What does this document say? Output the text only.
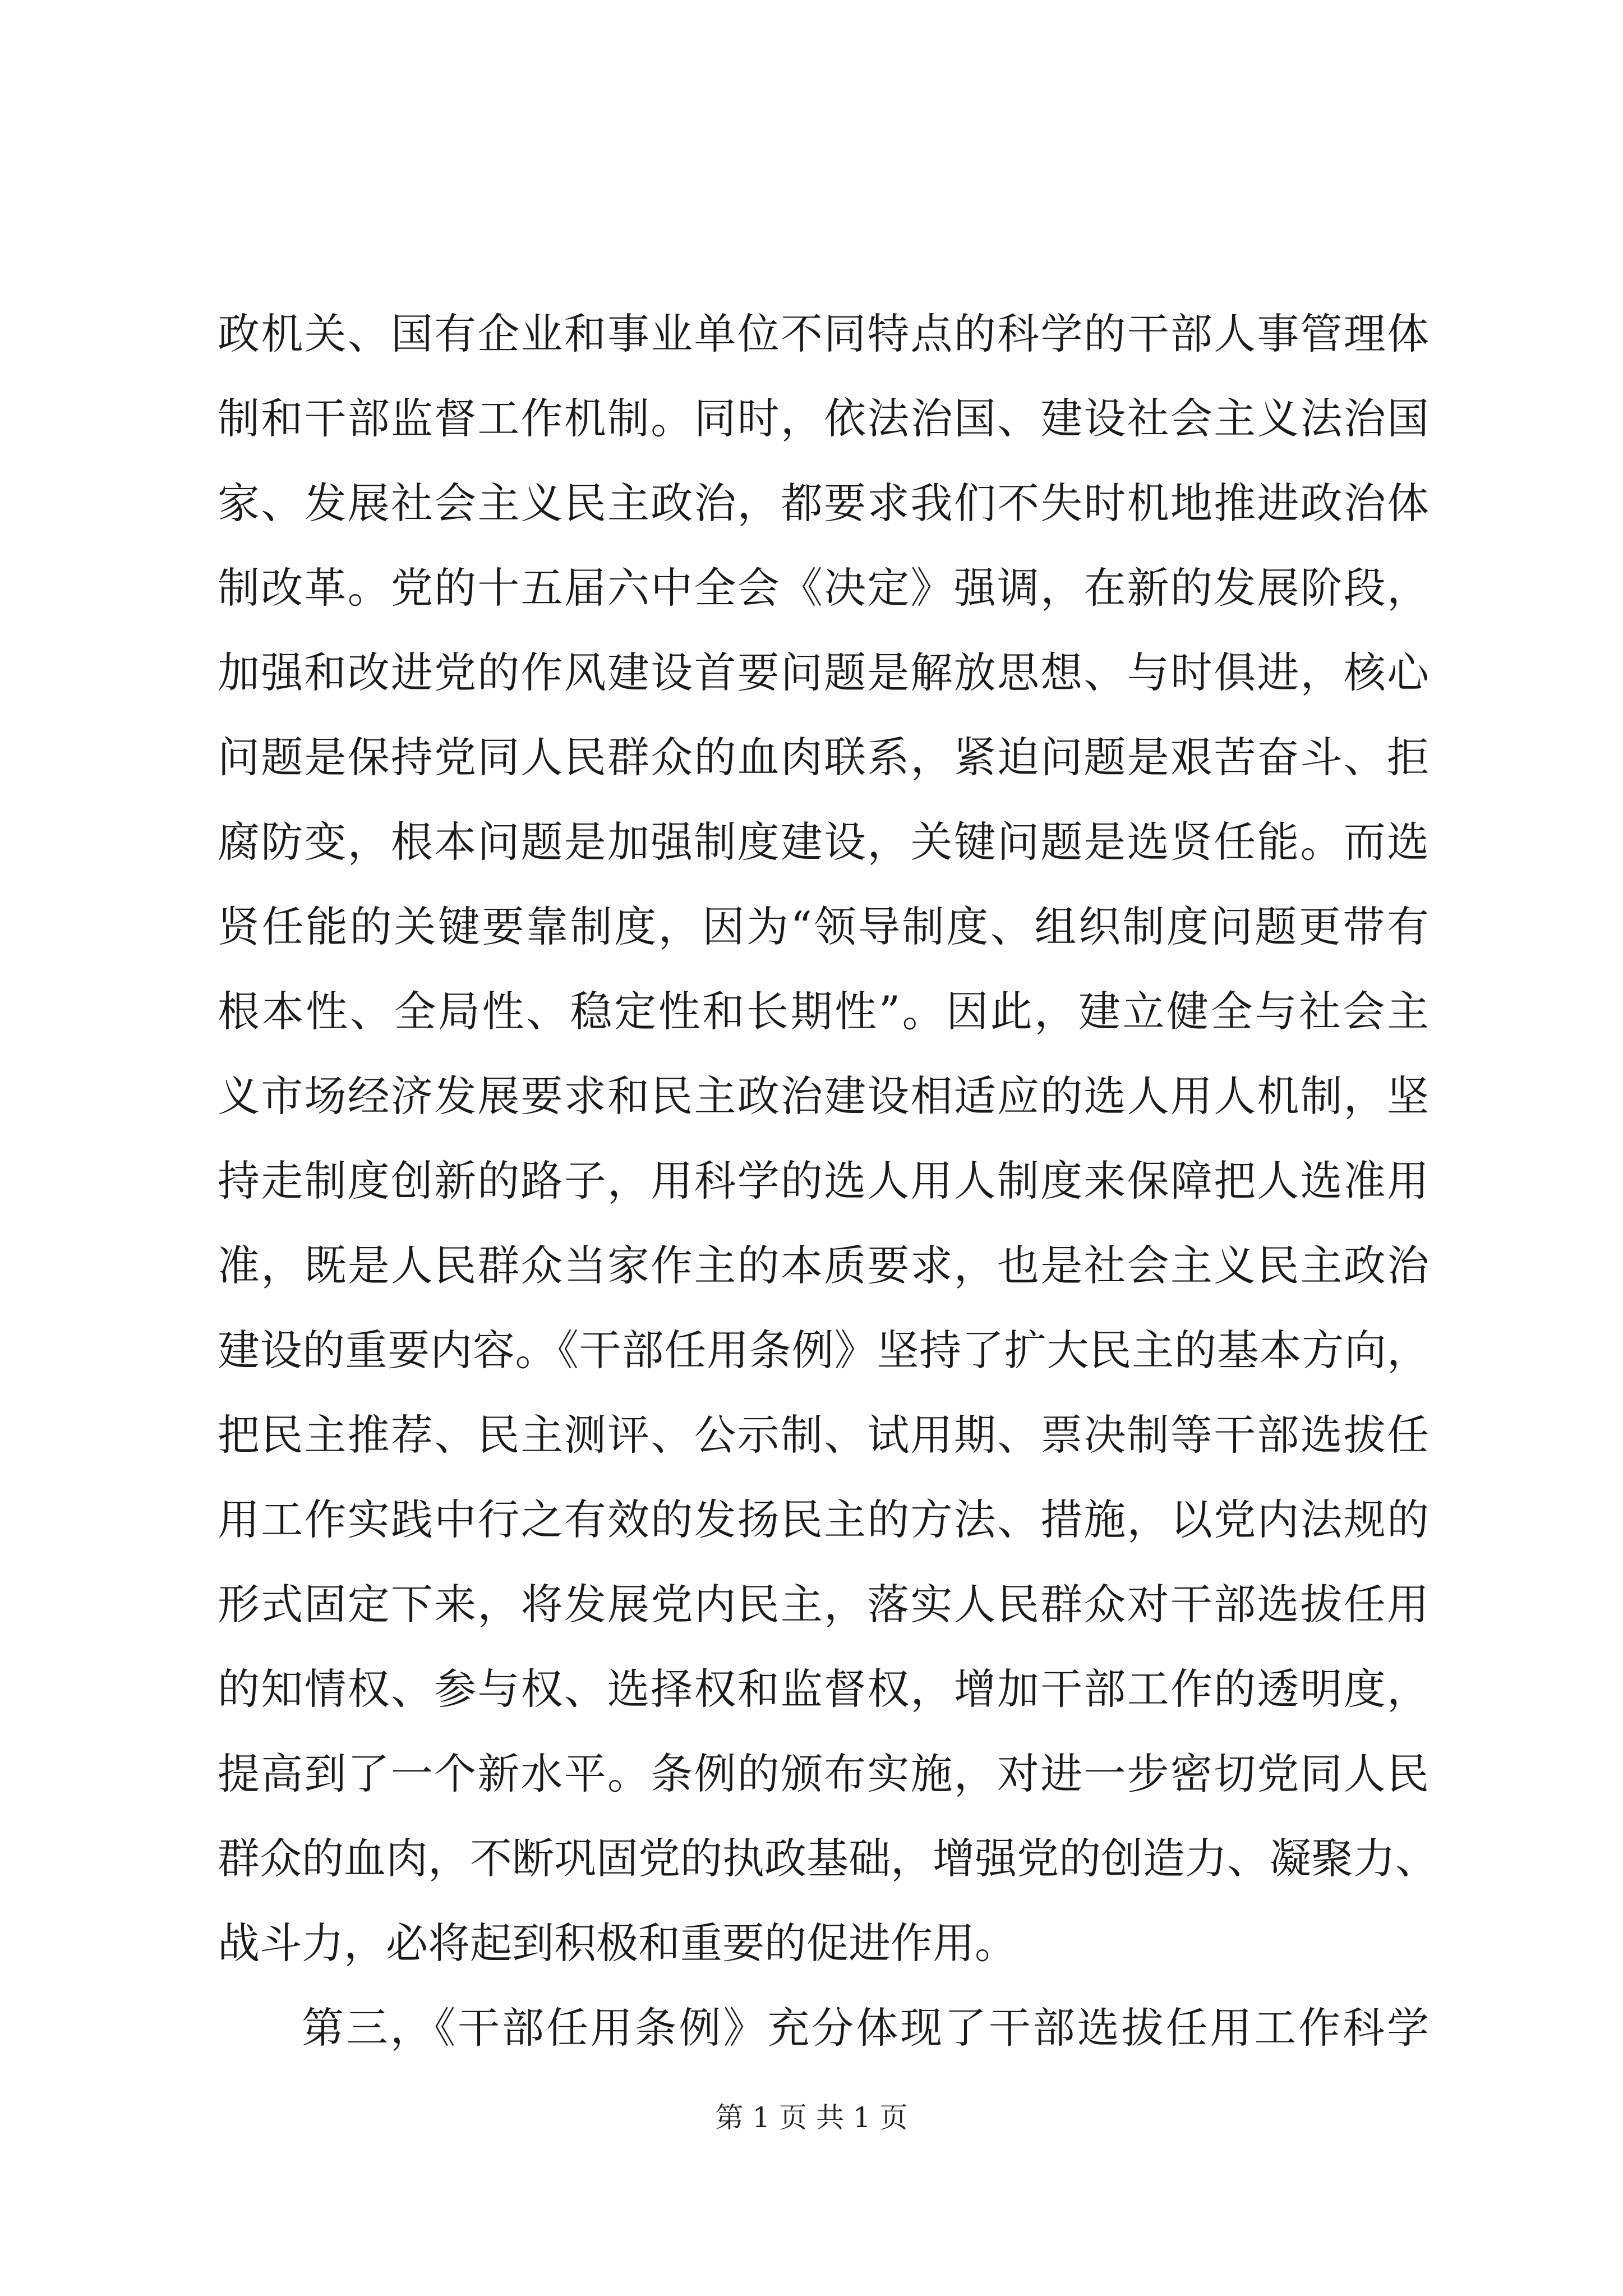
政机关、国有企业和事业单位不同特点的科学的干部人事管理体
制和干部监督工作机制。同时，依法治国、建设社会主义法治国
家、发展社会主义民主政治，都要求我们不失时机地推进政治体
制改革。党的十五届六中全会《决定》强调，在新的发展阶段，
加强和改进党的作风建设首要问题是解放思想、与时俱进，核心
问题是保持党同人民群众的血肉联系，紧迫问题是艰苦奋斗、拒
腐防变，根本问题是加强制度建设，关键问题是选贤任能。而选
贤任能的关键要靠制度，因为“领导制度、组织制度问题更带有
根本性、全局性、稳定性和长期性”。因此，建立健全与社会主
义市场经济发展要求和民主政治建设相适应的选人用人机制，坚
持走制度创新的路子，用科学的选人用人制度来保障把人选准用
准，既是人民群众当家作主的本质要求，也是社会主义民主政治
建设的重要内容。《干部任用条例》坚持了扩大民主的基本方向，
把民主推荐、民主测评、公示制、试用期、票决制等干部选拔任
用工作实践中行之有效的发扬民主的方法、措施，以党内法规的
形式固定下来，将发展党内民主，落实人民群众对干部选拔任用
的知情权、参与权、选择权和监督权，增加干部工作的透明度，
提高到了一个新水平。条例的颁布实施，对进一步密切党同人民
群众的血肉，不断巩固党的执政基础，增强党的创造力、凝聚力、
战斗力，必将起到积极和重要的促进作用。
第三，《干部任用条例》充分体现了干部选拔任用工作科学
第 1 页 共 1 页
